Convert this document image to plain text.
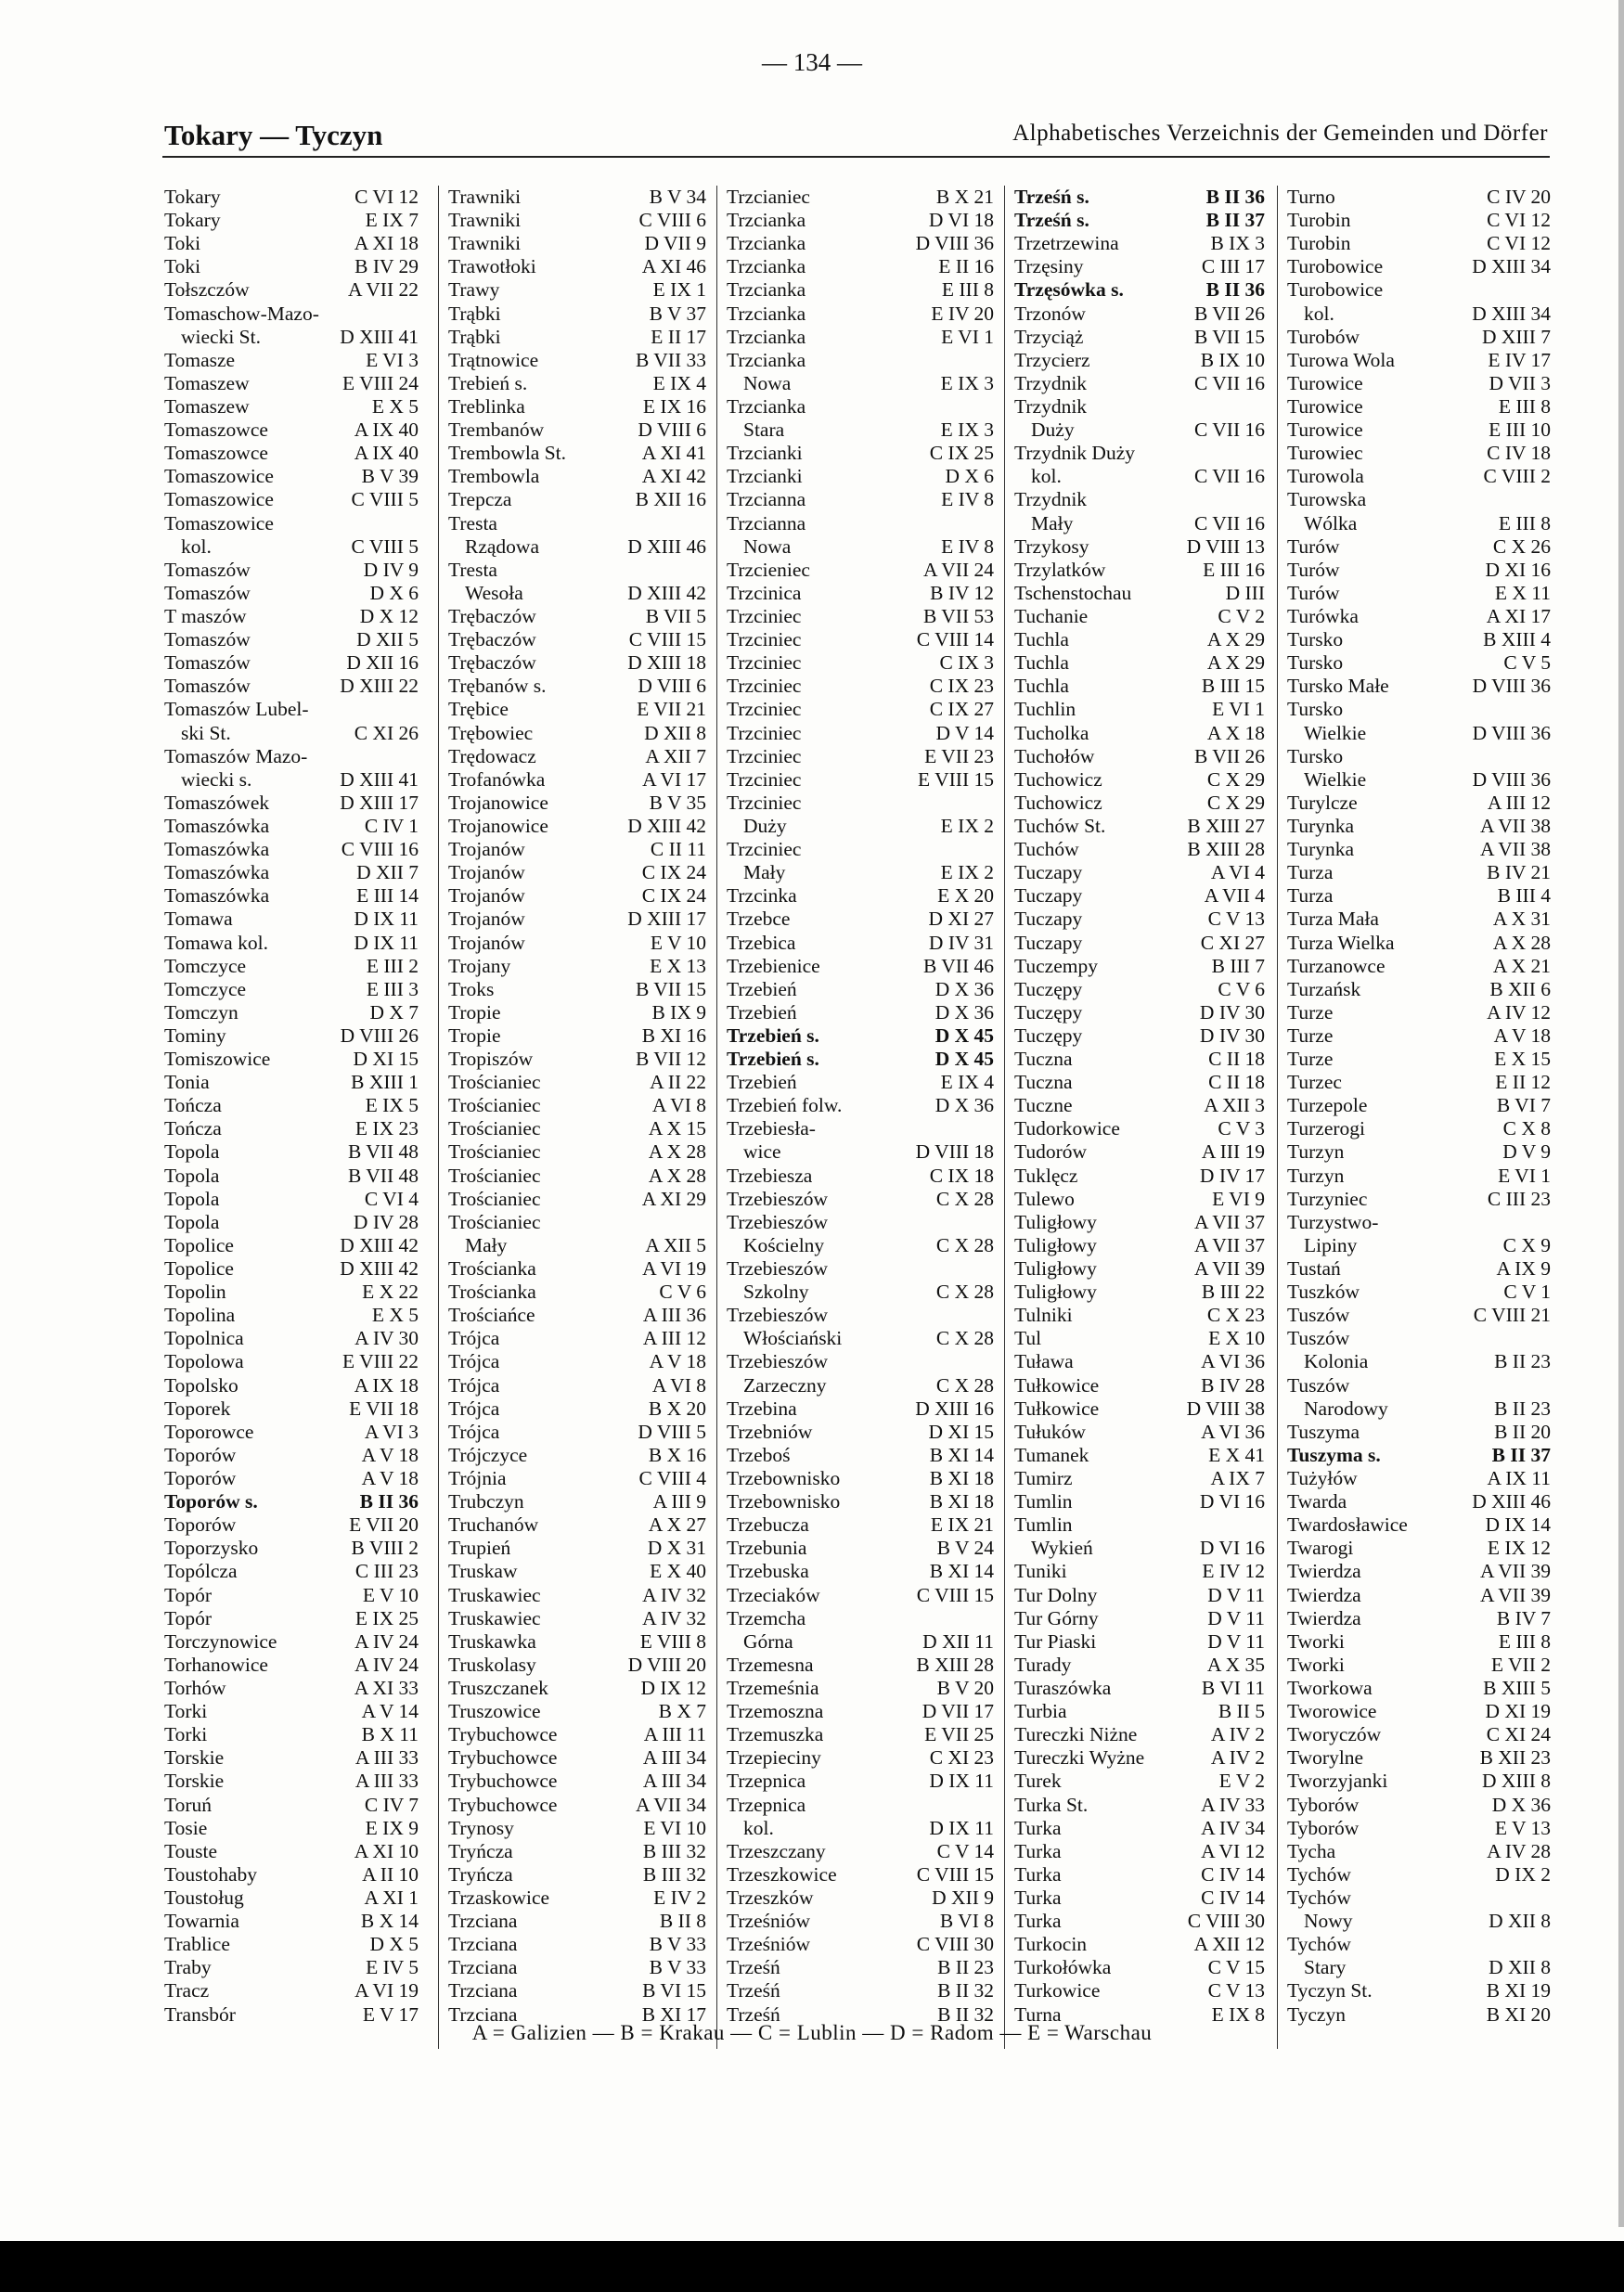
— 134 —
Tokary — Tyczyn	Alphabetisches Verzeichnis der Gemeinden und Dörfer
Tokary	C VI 12
Tokary	E IX 7
Toki	A XI 18
Toki	B IV 29
Tołszczów	A VII 22
Tomaschow-Mazo-
wiecki St.	D XIII 41
Tomasze	E VI 3
Tomaszew	E VIII 24
Tomaszew	E X 5
Tomaszowce	A IX 40
Tomaszowce	A IX 40
Tomaszowice	B V 39
Tomaszowice	C VIII 5
Tomaszowice
kol.	C VIII 5
Tomaszów	D IV 9
Tomaszów	D X 6
T maszów	D X 12
Tomaszów	D XII 5
Tomaszów	D XII 16
Tomaszów	D XIII 22
Tomaszów Lubel-
ski St.	C XI 26
Tomaszów Mazo-
wiecki s.	D XIII 41
Tomaszówek	D XIII 17
Tomaszówka	C IV 1
Tomaszówka	C VIII 16
Tomaszówka	D XII 7
Tomaszówka	E III 14
Tomawa	D IX 11
Tomawa kol.	D IX 11
Tomczyce	E III 2
Tomczyce	E III 3
Tomczyn	D X 7
Tominy	D VIII 26
Tomiszowice	D XI 15
Tonia	B XIII 1
Tończa	E IX 5
Tończa	E IX 23
Topola	B VII 48
Topola	B VII 48
Topola	C VI 4
Topola	D IV 28
Topolice	D XIII 42
Topolice	D XIII 42
Topolin	E X 22
Topolina	E X 5
Topolnica	A IV 30
Topolowa	E VIII 22
Topolsko	A IX 18
Toporek	E VII 18
Toporowce	A VI 3
Toporów	A V 18
Toporów	A V 18
Toporów s.	B II 36
Toporów	E VII 20
Toporzysko	B VIII 2
Topólcza	C III 23
Topór	E V 10
Topór	E IX 25
Torczynowice	A IV 24
Torhanowice	A IV 24
Torhów	A XI 33
Torki	A V 14
Torki	B X 11
Torskie	A III 33
Torskie	A III 33
Toruń	C IV 7
Tosie	E IX 9
Touste	A XI 10
Toustohaby	A II 10
Toustoług	A XI 1
Towarnia	B X 14
Trablice	D X 5
Traby	E IV 5
Tracz	A VI 19
Transbór	E V 17
Trawniki	B V 34
Trawniki	C VIII 6
Trawniki	D VII 9
Trawotłoki	A XI 46
Trawy	E IX 1
Trąbki	B V 37
Trąbki	E II 17
Trątnowice	B VII 33
Trebień s.	E IX 4
Treblinka	E IX 16
Trembanów	D VIII 6
Trembowla St.	A XI 41
Trembowla	A XI 42
Trepcza	B XII 16
Tresta
Rządowa	D XIII 46
Tresta
Wesoła	D XIII 42
Trębaczów	B VII 5
Trębaczów	C VIII 15
Trębaczów	D XIII 18
Trębanów s.	D VIII 6
Trębice	E VII 21
Trębowiec	D XII 8
Trędowacz	A XII 7
Trofanówka	A VI 17
Trojanowice	B V 35
Trojanowice	D XIII 42
Trojanów	C II 11
Trojanów	C IX 24
Trojanów	C IX 24
Trojanów	D XIII 17
Trojanów	E V 10
Trojany	E X 13
Troks	B VII 15
Tropie	B IX 9
Tropie	B XI 16
Tropiszów	B VII 12
Trościaniec	A II 22
Trościaniec	A VI 8
Trościaniec	A X 15
Trościaniec	A X 28
Trościaniec	A X 28
Trościaniec	A XI 29
Trościaniec
Mały	A XII 5
Trościanka	A VI 19
Trościanka	C V 6
Trościańce	A III 36
Trójca	A III 12
Trójca	A V 18
Trójca	A VI 8
Trójca	B X 20
Trójca	D VIII 5
Trójczyce	B X 16
Trójnia	C VIII 4
Trubczyn	A III 9
Truchanów	A X 27
Trupień	D X 31
Truskaw	E X 40
Truskawiec	A IV 32
Truskawiec	A IV 32
Truskawka	E VIII 8
Truskolasy	D VIII 20
Truszczanek	D IX 12
Truszowice	B X 7
Trybuchowce	A III 11
Trybuchowce	A III 34
Trybuchowce	A III 34
Trybuchowce	A VII 34
Trynosy	E VI 10
Tryńcza	B III 32
Tryńcza	B III 32
Trzaskowice	E IV 2
Trzciana	B II 8
Trzciana	B V 33
Trzciana	B V 33
Trzciana	B VI 15
Trzciana	B XI 17
Trzcianiec	B X 21
Trzcianka	D VI 18
Trzcianka	D VIII 36
Trzcianka	E II 16
Trzcianka	E III 8
Trzcianka	E IV 20
Trzcianka	E VI 1
Trzcianka
Nowa	E IX 3
Trzcianka
Stara	E IX 3
Trzcianki	C IX 25
Trzcianki	D X 6
Trzcianna	E IV 8
Trzcianna
Nowa	E IV 8
Trzcieniec	A VII 24
Trzcinica	B IV 12
Trzciniec	B VII 53
Trzciniec	C VIII 14
Trzciniec	C IX 3
Trzciniec	C IX 23
Trzciniec	C IX 27
Trzciniec	D V 14
Trzciniec	E VII 23
Trzciniec	E VIII 15
Trzciniec
Duży	E IX 2
Trzciniec
Mały	E IX 2
Trzcinka	E X 20
Trzebce	D XI 27
Trzebica	D IV 31
Trzebienice	B VII 46
Trzebień	D X 36
Trzebień	D X 36
Trzebień s.	D X 45
Trzebień s.	D X 45
Trzebień	E IX 4
Trzebień folw.	D X 36
Trzebiesła-
wice	D VIII 18
Trzebiesza	C IX 18
Trzebieszów	C X 28
Trzebieszów
Kościelny	C X 28
Trzebieszów
Szkolny	C X 28
Trzebieszów
Włościański	C X 28
Trzebieszów
Zarzeczny	C X 28
Trzebina	D XIII 16
Trzebniów	D XI 15
Trzeboś	B XI 14
Trzebownisko	B XI 18
Trzebownisko	B XI 18
Trzebucza	E IX 21
Trzebunia	B V 24
Trzebuska	B XI 14
Trzeciaków	C VIII 15
Trzemcha
Górna	D XII 11
Trzemesna	B XIII 28
Trzemeśnia	B V 20
Trzemoszna	D VII 17
Trzemuszka	E VII 25
Trzepieciny	C XI 23
Trzepnica	D IX 11
Trzepnica
kol.	D IX 11
Trzeszczany	C V 14
Trzeszkowice	C VIII 15
Trzeszków	D XII 9
Trześniów	B VI 8
Trześniów	C VIII 30
Trześń	B II 23
Trześń	B II 32
Trześń	B II 32
Trześń s.	B II 36
Trześń s.	B II 37
Trzetrzewina	B IX 3
Trzęsiny	C III 17
Trzęsówka s.	B II 36
Trzonów	B VII 26
Trzyciąż	B VII 15
Trzycierz	B IX 10
Trzydnik	C VII 16
Trzydnik
Duży	C VII 16
Trzydnik Duży
kol.	C VII 16
Trzydnik
Mały	C VII 16
Trzykosy	D VIII 13
Trzylatków	E III 16
Tschenstochau	D III
Tuchanie	C V 2
Tuchla	A X 29
Tuchla	A X 29
Tuchla	B III 15
Tuchlin	E VI 1
Tucholka	A X 18
Tuchołów	B VII 26
Tuchowicz	C X 29
Tuchowicz	C X 29
Tuchów St.	B XIII 27
Tuchów	B XIII 28
Tuczapy	A VI 4
Tuczapy	A VII 4
Tuczapy	C V 13
Tuczapy	C XI 27
Tuczempy	B III 7
Tuczępy	C V 6
Tuczępy	D IV 30
Tuczępy	D IV 30
Tuczna	C II 18
Tuczna	C II 18
Tuczne	A XII 3
Tudorkowice	C V 3
Tudorów	A III 19
Tuklęcz	D IV 17
Tulewo	E VI 9
Tuligłowy	A VII 37
Tuligłowy	A VII 37
Tuligłowy	A VII 39
Tuligłowy	B III 22
Tulniki	C X 23
Tul	E X 10
Tuława	A VI 36
Tułkowice	B IV 28
Tułkowice	D VIII 38
Tułuków	A VI 36
Tumanek	E X 41
Tumirz	A IX 7
Tumlin	D VI 16
Tumlin
Wykień	D VI 16
Tuniki	E IV 12
Tur Dolny	D V 11
Tur Górny	D V 11
Tur Piaski	D V 11
Turady	A X 35
Turaszówka	B VI 11
Turbia	B II 5
Tureczki Niżne	A IV 2
Tureczki Wyżne	A IV 2
Turek	E V 2
Turka St.	A IV 33
Turka	A IV 34
Turka	A VI 12
Turka	C IV 14
Turka	C IV 14
Turka	C VIII 30
Turkocin	A XII 12
Turkołówka	C V 15
Turkowice	C V 13
Turna	E IX 8
Turno	C IV 20
Turobin	C VI 12
Turobin	C VI 12
Turobowice	D XIII 34
Turobowice
kol.	D XIII 34
Turobów	D XIII 7
Turowa Wola	E IV 17
Turowice	D VII 3
Turowice	E III 8
Turowice	E III 10
Turowiec	C IV 18
Turowola	C VIII 2
Turowska
Wólka	E III 8
Turów	C X 26
Turów	D XI 16
Turów	E X 11
Turówka	A XI 17
Tursko	B XIII 4
Tursko	C V 5
Tursko Małe	D VIII 36
Tursko
Wielkie	D VIII 36
Tursko
Wielkie	D VIII 36
Turylcze	A III 12
Turynka	A VII 38
Turynka	A VII 38
Turza	B IV 21
Turza	B III 4
Turza Mała	A X 31
Turza Wielka	A X 28
Turzanowce	A X 21
Turzańsk	B XII 6
Turze	A IV 12
Turze	A V 18
Turze	E X 15
Turzec	E II 12
Turzepole	B VI 7
Turzerogi	C X 8
Turzyn	D V 9
Turzyn	E VI 1
Turzyniec	C III 23
Turzystwo-
Lipiny	C X 9
Tustań	A IX 9
Tuszków	C V 1
Tuszów	C VIII 21
Tuszów
Kolonia	B II 23
Tuszów
Narodowy	B II 23
Tuszyma	B II 20
Tuszyma s.	B II 37
Tużyłów	A IX 11
Twarda	D XIII 46
Twardosławice	D IX 14
Twarogi	E IX 12
Twierdza	A VII 39
Twierdza	A VII 39
Twierdza	B IV 7
Tworki	E III 8
Tworki	E VII 2
Tworkowa	B XIII 5
Tworowice	D XI 19
Tworyczów	C XI 24
Tworylne	B XII 23
Tworzyjanki	D XIII 8
Tyborów	D X 36
Tyborów	E V 13
Tycha	A IV 28
Tychów	D IX 2
Tychów
Nowy	D XII 8
Tychów
Stary	D XII 8
Tyczyn St.	B XI 19
Tyczyn	B XI 20
A = Galizien — B = Krakau — C = Lublin — D = Radom — E = Warschau
